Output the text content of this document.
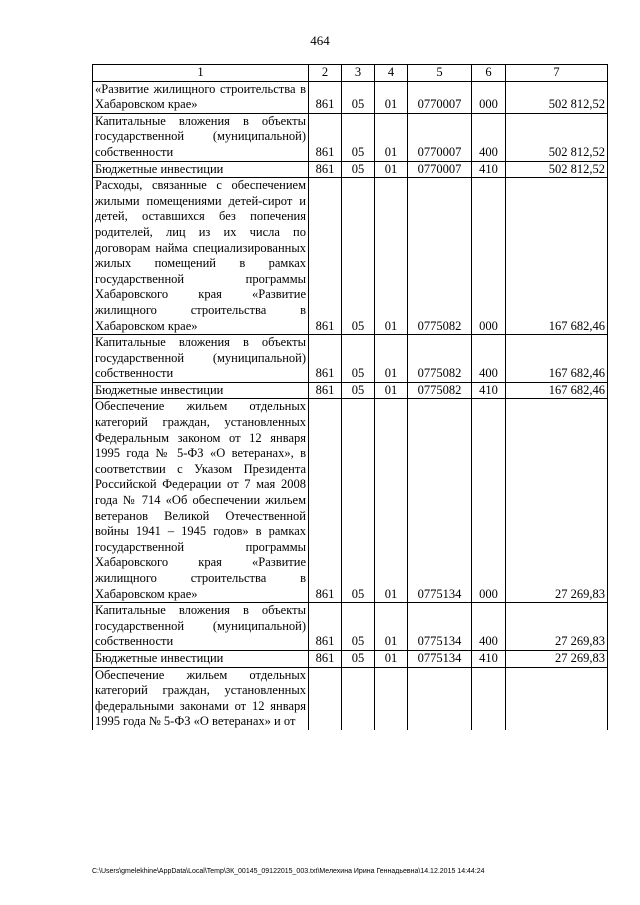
464
1	2	3	4	5	6	7
«Развитие жилищного строительства в Хабаровском крае»	861	05	01	0770007	000	502 812,52
Капитальные вложения в объекты государственной (муниципальной) собственности	861	05	01	0770007	400	502 812,52
Бюджетные инвестиции	861	05	01	0770007	410	502 812,52
Расходы, связанные с обеспечением жилыми помещениями детей-сирот и детей, оставшихся без попечения родителей, лиц из их числа по договорам найма специализированных жилых помещений в рамках государственной программы Хабаровского края «Развитие жилищного строительства в Хабаровском крае»	861	05	01	0775082	000	167 682,46
Капитальные вложения в объекты государственной (муниципальной) собственности	861	05	01	0775082	400	167 682,46
Бюджетные инвестиции	861	05	01	0775082	410	167 682,46
Обеспечение жильем отдельных категорий граждан, установленных Федеральным законом от 12 января 1995 года № 5-ФЗ «О ветеранах», в соответствии с Указом Президента Российской Федерации от 7 мая 2008 года № 714 «Об обеспечении жильем ветеранов Великой Отечественной войны 1941 – 1945 годов» в рамках государственной программы Хабаровского края «Развитие жилищного строительства в Хабаровском крае»	861	05	01	0775134	000	27 269,83
Капитальные вложения в объекты государственной (муниципальной) собственности	861	05	01	0775134	400	27 269,83
Бюджетные инвестиции	861	05	01	0775134	410	27 269,83
Обеспечение жильем отдельных категорий граждан, установленных федеральными законами от 12 января 1995 года № 5-ФЗ «О ветеранах» и от						
C:\Users\gmelekhine\AppData\Local\Temp\ЗК_00145_09122015_003.txt\Мелехина Ирина Геннадьевна\14.12.2015 14:44:24
